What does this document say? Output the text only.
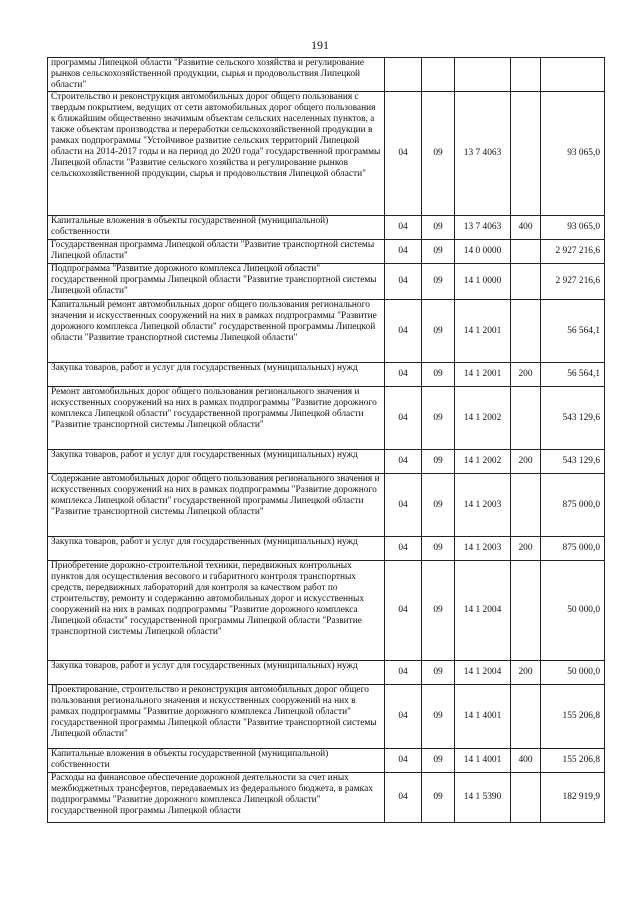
191
программы Липецкой области "Развитие сельского хозяйства и регулирование рынков сельскохозяйственной продукции, сырья и продовольствия Липецкой области"					
Строительство и реконструкция автомобильных дорог общего пользования с твердым покрытием, ведущих от сети автомобильных дорог общего пользования к ближайшим общественно значимым объектам сельских населенных пунктов, а также объектам производства и переработки сельскохозяйственной продукции в рамках подпрограммы "Устойчивое развитие сельских территорий Липецкой области на 2014-2017 годы и на период до 2020 года" государственной программы Липецкой области "Развитие сельского хозяйства и регулирование рынков сельскохозяйственной продукции, сырья и продовольствия Липецкой области"	04	09	13 7 4063		93 065,0
Капитальные вложения в объекты государственной (муниципальной) собственности	04	09	13 7 4063	400	93 065,0
Государственная программа Липецкой области "Развитие транспортной системы Липецкой области"	04	09	14 0 0000		2 927 216,6
Подпрограмма "Развитие дорожного комплекса Липецкой области" государственной программы Липецкой области "Развитие транспортной системы Липецкой области"	04	09	14 1 0000		2 927 216,6
Капитальный ремонт автомобильных дорог общего пользования регионального значения и искусственных сооружений на них в рамках подпрограммы "Развитие дорожного комплекса Липецкой области" государственной программы Липецкой области "Развитие транспортной системы Липецкой области"	04	09	14 1 2001		56 564,1
Закупка товаров, работ и услуг для государственных (муниципальных) нужд	04	09	14 1 2001	200	56 564,1
Ремонт автомобильных дорог общего пользования регионального значения и искусственных сооружений на них в рамках подпрограммы "Развитие дорожного комплекса Липецкой области" государственной программы Липецкой области "Развитие транспортной системы Липецкой области"	04	09	14 1 2002		543 129,6
Закупка товаров, работ и услуг для государственных (муниципальных) нужд	04	09	14 1 2002	200	543 129,6
Содержание автомобильных дорог общего пользования регионального значения и искусственных сооружений на них в рамках подпрограммы "Развитие дорожного комплекса Липецкой области" государственной программы Липецкой области "Развитие транспортной системы Липецкой области"	04	09	14 1 2003		875 000,0
Закупка товаров, работ и услуг для государственных (муниципальных) нужд	04	09	14 1 2003	200	875 000,0
Приобретение дорожно-строительной техники, передвижных контрольных пунктов для осуществления весового и габаритного контроля транспортных средств, передвижных лабораторий для контроля за качеством работ по строительству, ремонту и содержанию автомобильных дорог и искусственных сооружений на них в рамках подпрограммы "Развитие дорожного комплекса Липецкой области" государственной программы Липецкой области "Развитие транспортной системы Липецкой области"	04	09	14 1 2004		50 000,0
Закупка товаров, работ и услуг для государственных (муниципальных) нужд	04	09	14 1 2004	200	50 000,0
Проектирование, строительство и реконструкция автомобильных дорог общего пользования регионального значения и искусственных сооружений на них в рамках подпрограммы "Развитие дорожного комплекса Липецкой области" государственной программы Липецкой области "Развитие транспортной системы Липецкой области"	04	09	14 1 4001		155 206,8
Капитальные вложения в объекты государственной (муниципальной) собственности	04	09	14 1 4001	400	155 206,8
Расходы на финансовое обеспечение дорожной деятельности за счет иных межбюджетных трансфертов, передаваемых из федерального бюджета, в рамках подпрограммы "Развитие дорожного комплекса Липецкой области" государственной программы Липецкой области	04	09	14 1 5390		182 919,9
